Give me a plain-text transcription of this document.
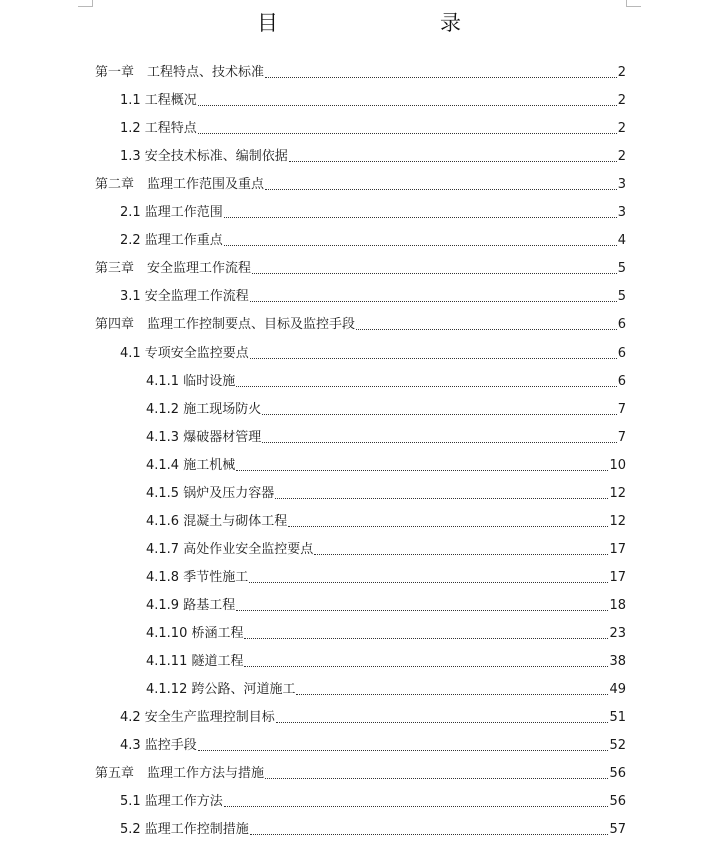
目　　录
第一章　工程特点、技术标准	2
1.1 工程概况	2
1.2 工程特点	2
1.3 安全技术标准、编制依据	2
第二章　监理工作范围及重点	3
2.1 监理工作范围	3
2.2 监理工作重点	4
第三章　安全监理工作流程	5
3.1 安全监理工作流程	5
第四章　监理工作控制要点、目标及监控手段	6
4.1 专项安全监控要点	6
4.1.1 临时设施	6
4.1.2 施工现场防火	7
4.1.3 爆破器材管理	7
4.1.4 施工机械	10
4.1.5 锅炉及压力容器	12
4.1.6 混凝土与砌体工程	12
4.1.7 高处作业安全监控要点	17
4.1.8 季节性施工	17
4.1.9 路基工程	18
4.1.10 桥涵工程	23
4.1.11 隧道工程	38
4.1.12 跨公路、河道施工	49
4.2 安全生产监理控制目标	51
4.3 监控手段	52
第五章　监理工作方法与措施	56
5.1 监理工作方法	56
5.2 监理工作控制措施	57
